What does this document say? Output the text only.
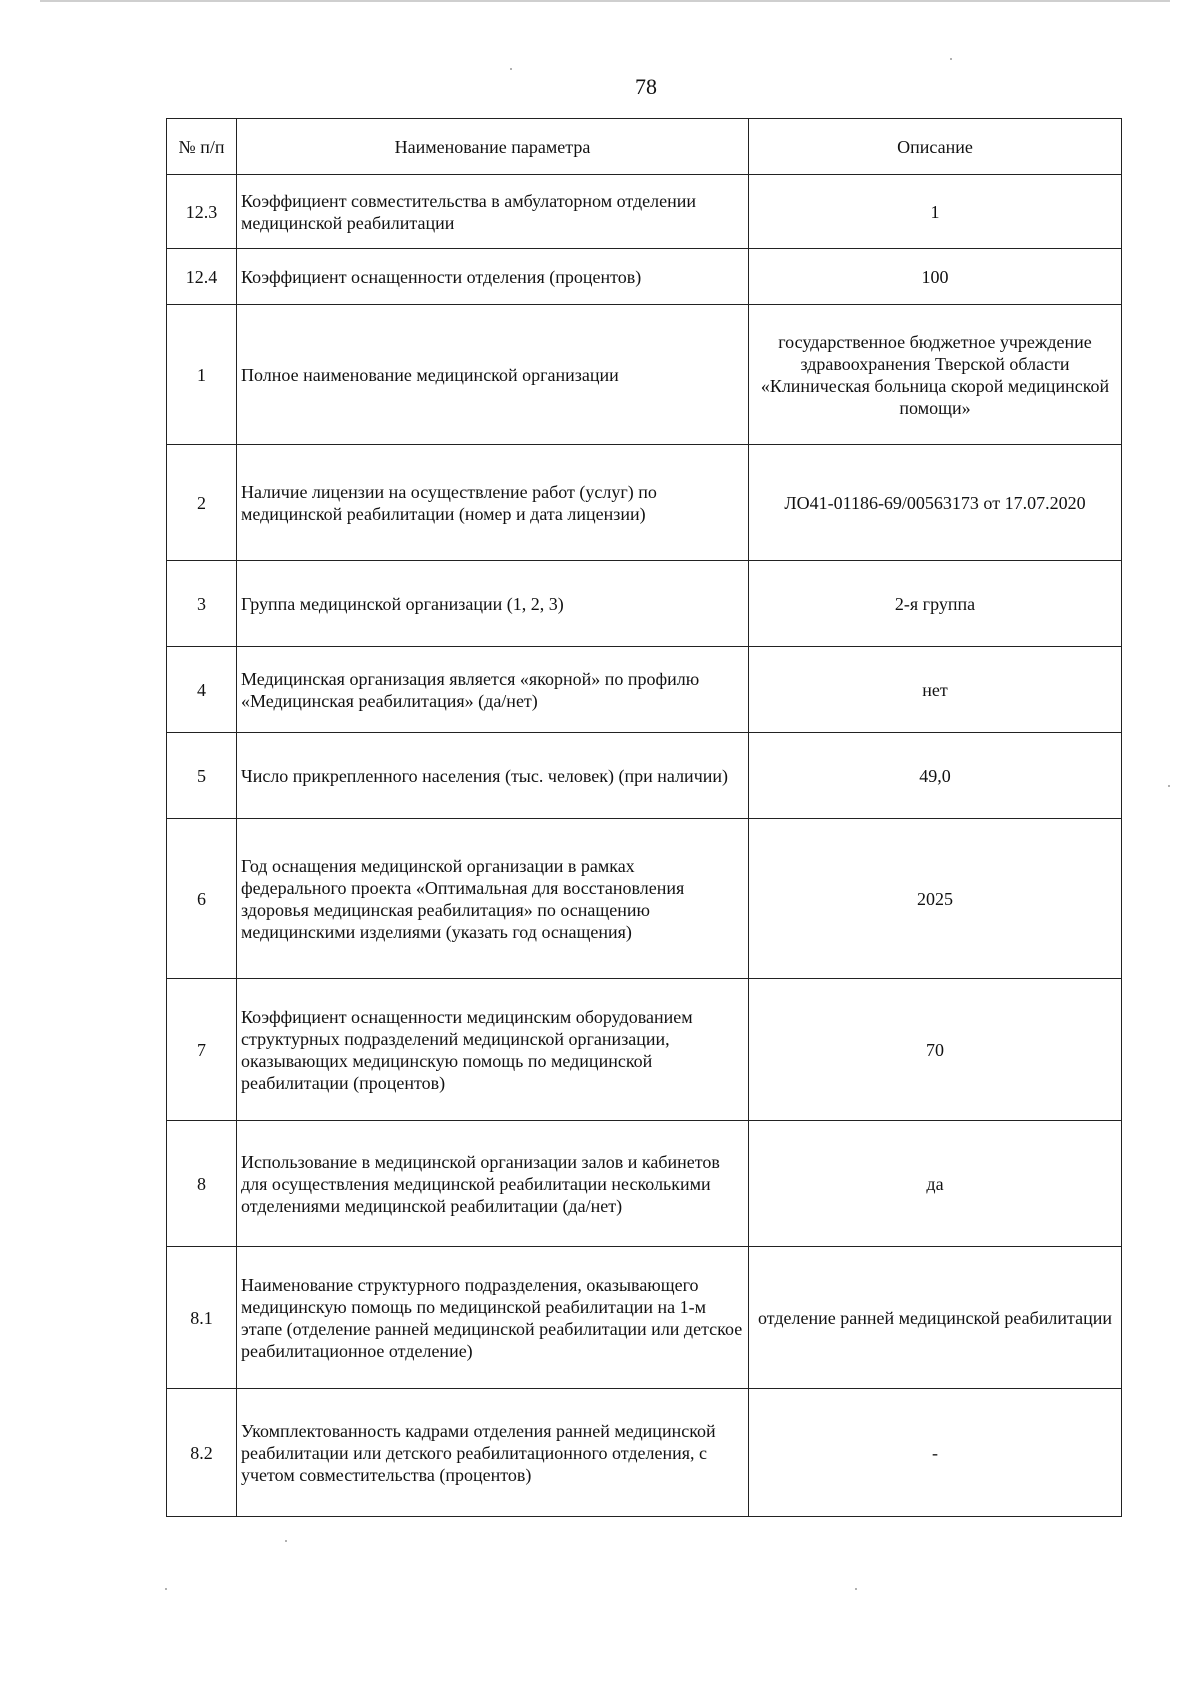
78
№ п/п	Наименование параметра	Описание
12.3	Коэффициент совместительства в амбулаторном отделении медицинской реабилитации	1
12.4	Коэффициент оснащенности отделения (процентов)	100
1	Полное наименование медицинской организации	государственное бюджетное учреждение здравоохранения Тверской области «Клиническая больница скорой медицинской помощи»
2	Наличие лицензии на осуществление работ (услуг) по медицинской реабилитации (номер и дата лицензии)	ЛО41-01186-69/00563173 от 17.07.2020
3	Группа медицинской организации (1, 2, 3)	2-я группа
4	Медицинская организация является «якорной» по профилю «Медицинская реабилитация» (да/нет)	нет
5	Число прикрепленного населения (тыс. человек) (при наличии)	49,0
6	Год оснащения медицинской организации в рамках федерального проекта «Оптимальная для восстановления здоровья медицинская реабилитация» по оснащению медицинскими изделиями (указать год оснащения)	2025
7	Коэффициент оснащенности медицинским оборудованием структурных подразделений медицинской организации, оказывающих медицинскую помощь по медицинской реабилитации (процентов)	70
8	Использование в медицинской организации залов и кабинетов для осуществления медицинской реабилитации несколькими отделениями медицинской реабилитации (да/нет)	да
8.1	Наименование структурного подразделения, оказывающего медицинскую помощь по медицинской реабилитации на 1-м этапе (отделение ранней медицинской реабилитации или детское реабилитационное отделение)	отделение ранней медицинской реабилитации
8.2	Укомплектованность кадрами отделения ранней медицинской реабилитации или детского реабилитационного отделения, с учетом совместительства (процентов)	-
